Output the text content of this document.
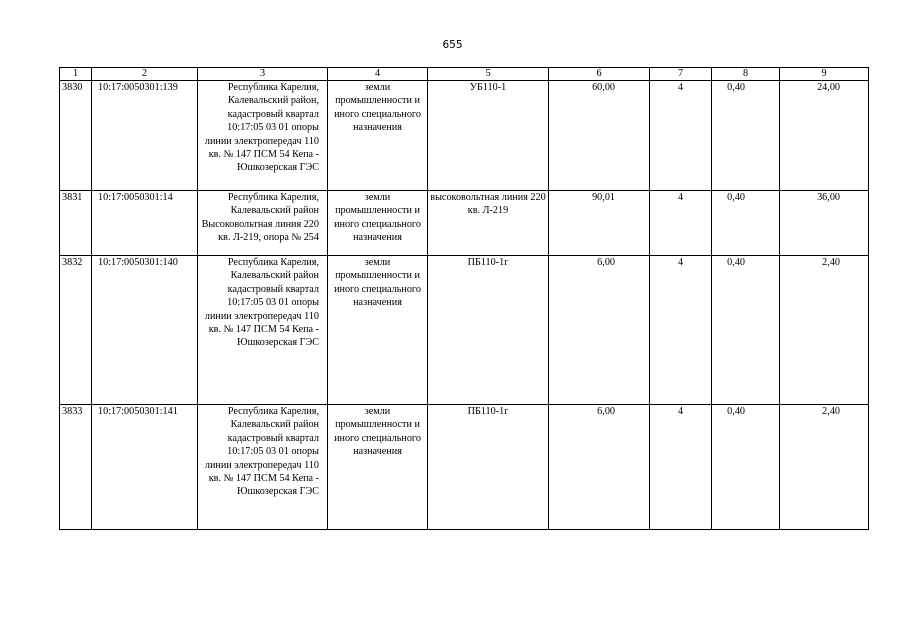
655
1	2	3	4	5	6	7	8	9
3830	10:17:0050301:139	Республика Карелия, Калевальский район, кадастровый квартал 10:17:05 03 01 опоры линии электропередач 110 кв. № 147 ПСМ 54 Кепа - Юшкозерская ГЭС	земли промышленности и иного специального назначения	УБ110-1	60,00	4	0,40	24,00
3831	10:17:0050301:14	Республика Карелия, Калевальский район Высоковольтная линия 220 кв. Л-219, опора № 254	земли промышленности и иного специального назначения	высоковольтная линия 220 кв. Л-219	90,01	4	0,40	36,00
3832	10:17:0050301:140	Республика Карелия, Калевальский район кадастровый квартал 10:17:05 03 01 опоры линии электропередач 110 кв. № 147 ПСМ 54 Кепа - Юшкозерская ГЭС	земли промышленности и иного специального назначения	ПБ110-1г	6,00	4	0,40	2,40
3833	10:17:0050301:141	Республика Карелия, Калевальский район кадастровый квартал 10:17:05 03 01 опоры линии электропередач 110 кв. № 147 ПСМ 54 Кепа - Юшкозерская ГЭС	земли промышленности и иного специального назначения	ПБ110-1г	6,00	4	0,40	2,40
